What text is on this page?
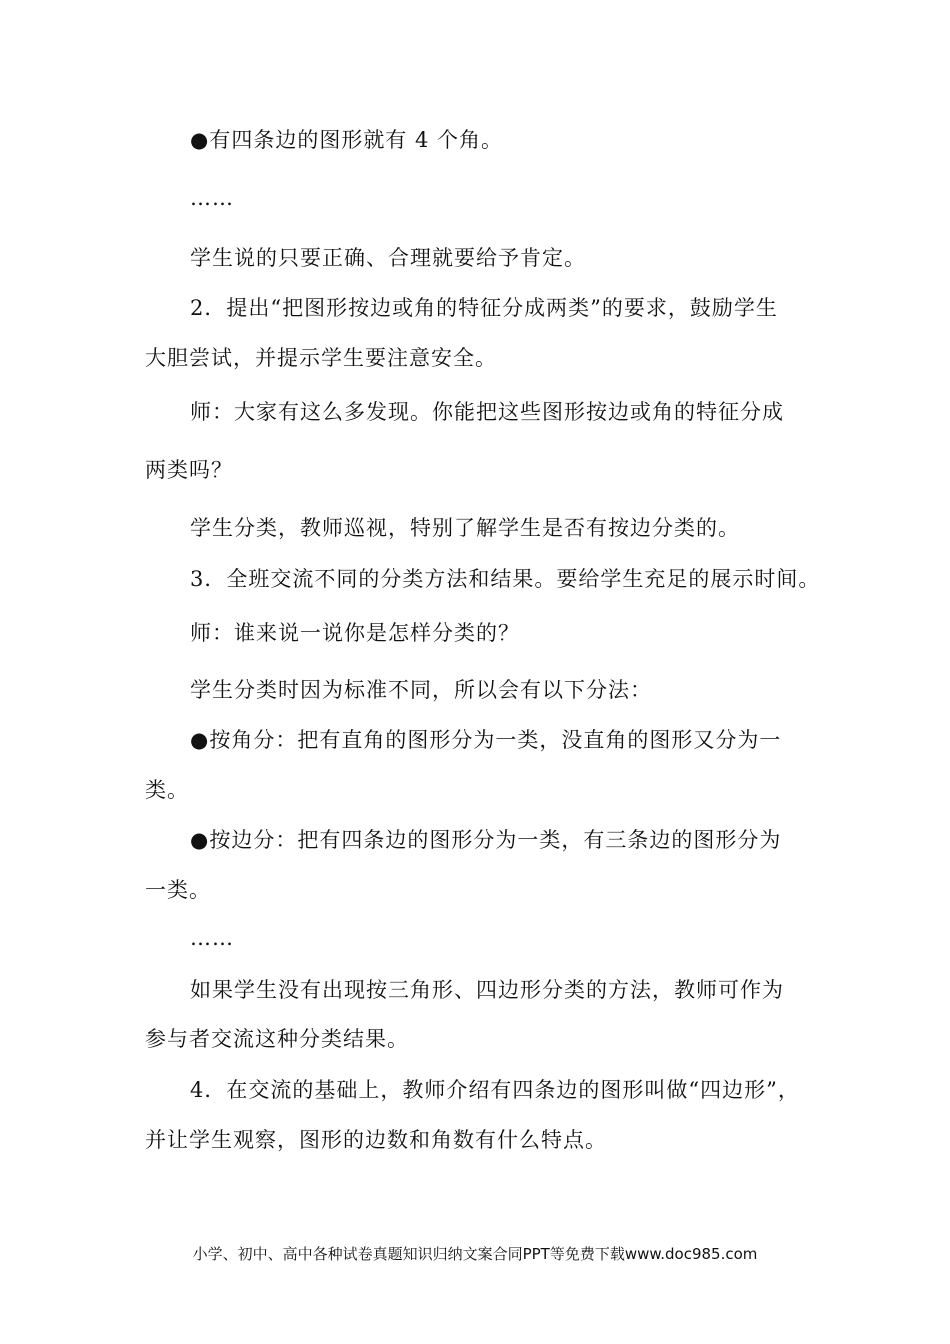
●有四条边的图形就有 4 个角。
……
学生说的只要正确、合理就要给予肯定。
2．提出“把图形按边或角的特征分成两类”的要求，鼓励学生
大胆尝试，并提示学生要注意安全。
师：大家有这么多发现。你能把这些图形按边或角的特征分成
两类吗？
学生分类，教师巡视，特别了解学生是否有按边分类的。
3．全班交流不同的分类方法和结果。要给学生充足的展示时间。
师：谁来说一说你是怎样分类的？
学生分类时因为标准不同，所以会有以下分法：
●按角分：把有直角的图形分为一类，没直角的图形又分为一
类。
●按边分：把有四条边的图形分为一类，有三条边的图形分为
一类。
……
如果学生没有出现按三角形、四边形分类的方法，教师可作为
参与者交流这种分类结果。
4．在交流的基础上，教师介绍有四条边的图形叫做“四边形”，
并让学生观察，图形的边数和角数有什么特点。
小学、初中、高中各种试卷真题知识归纳文案合同PPT等免费下载www.doc985.com
